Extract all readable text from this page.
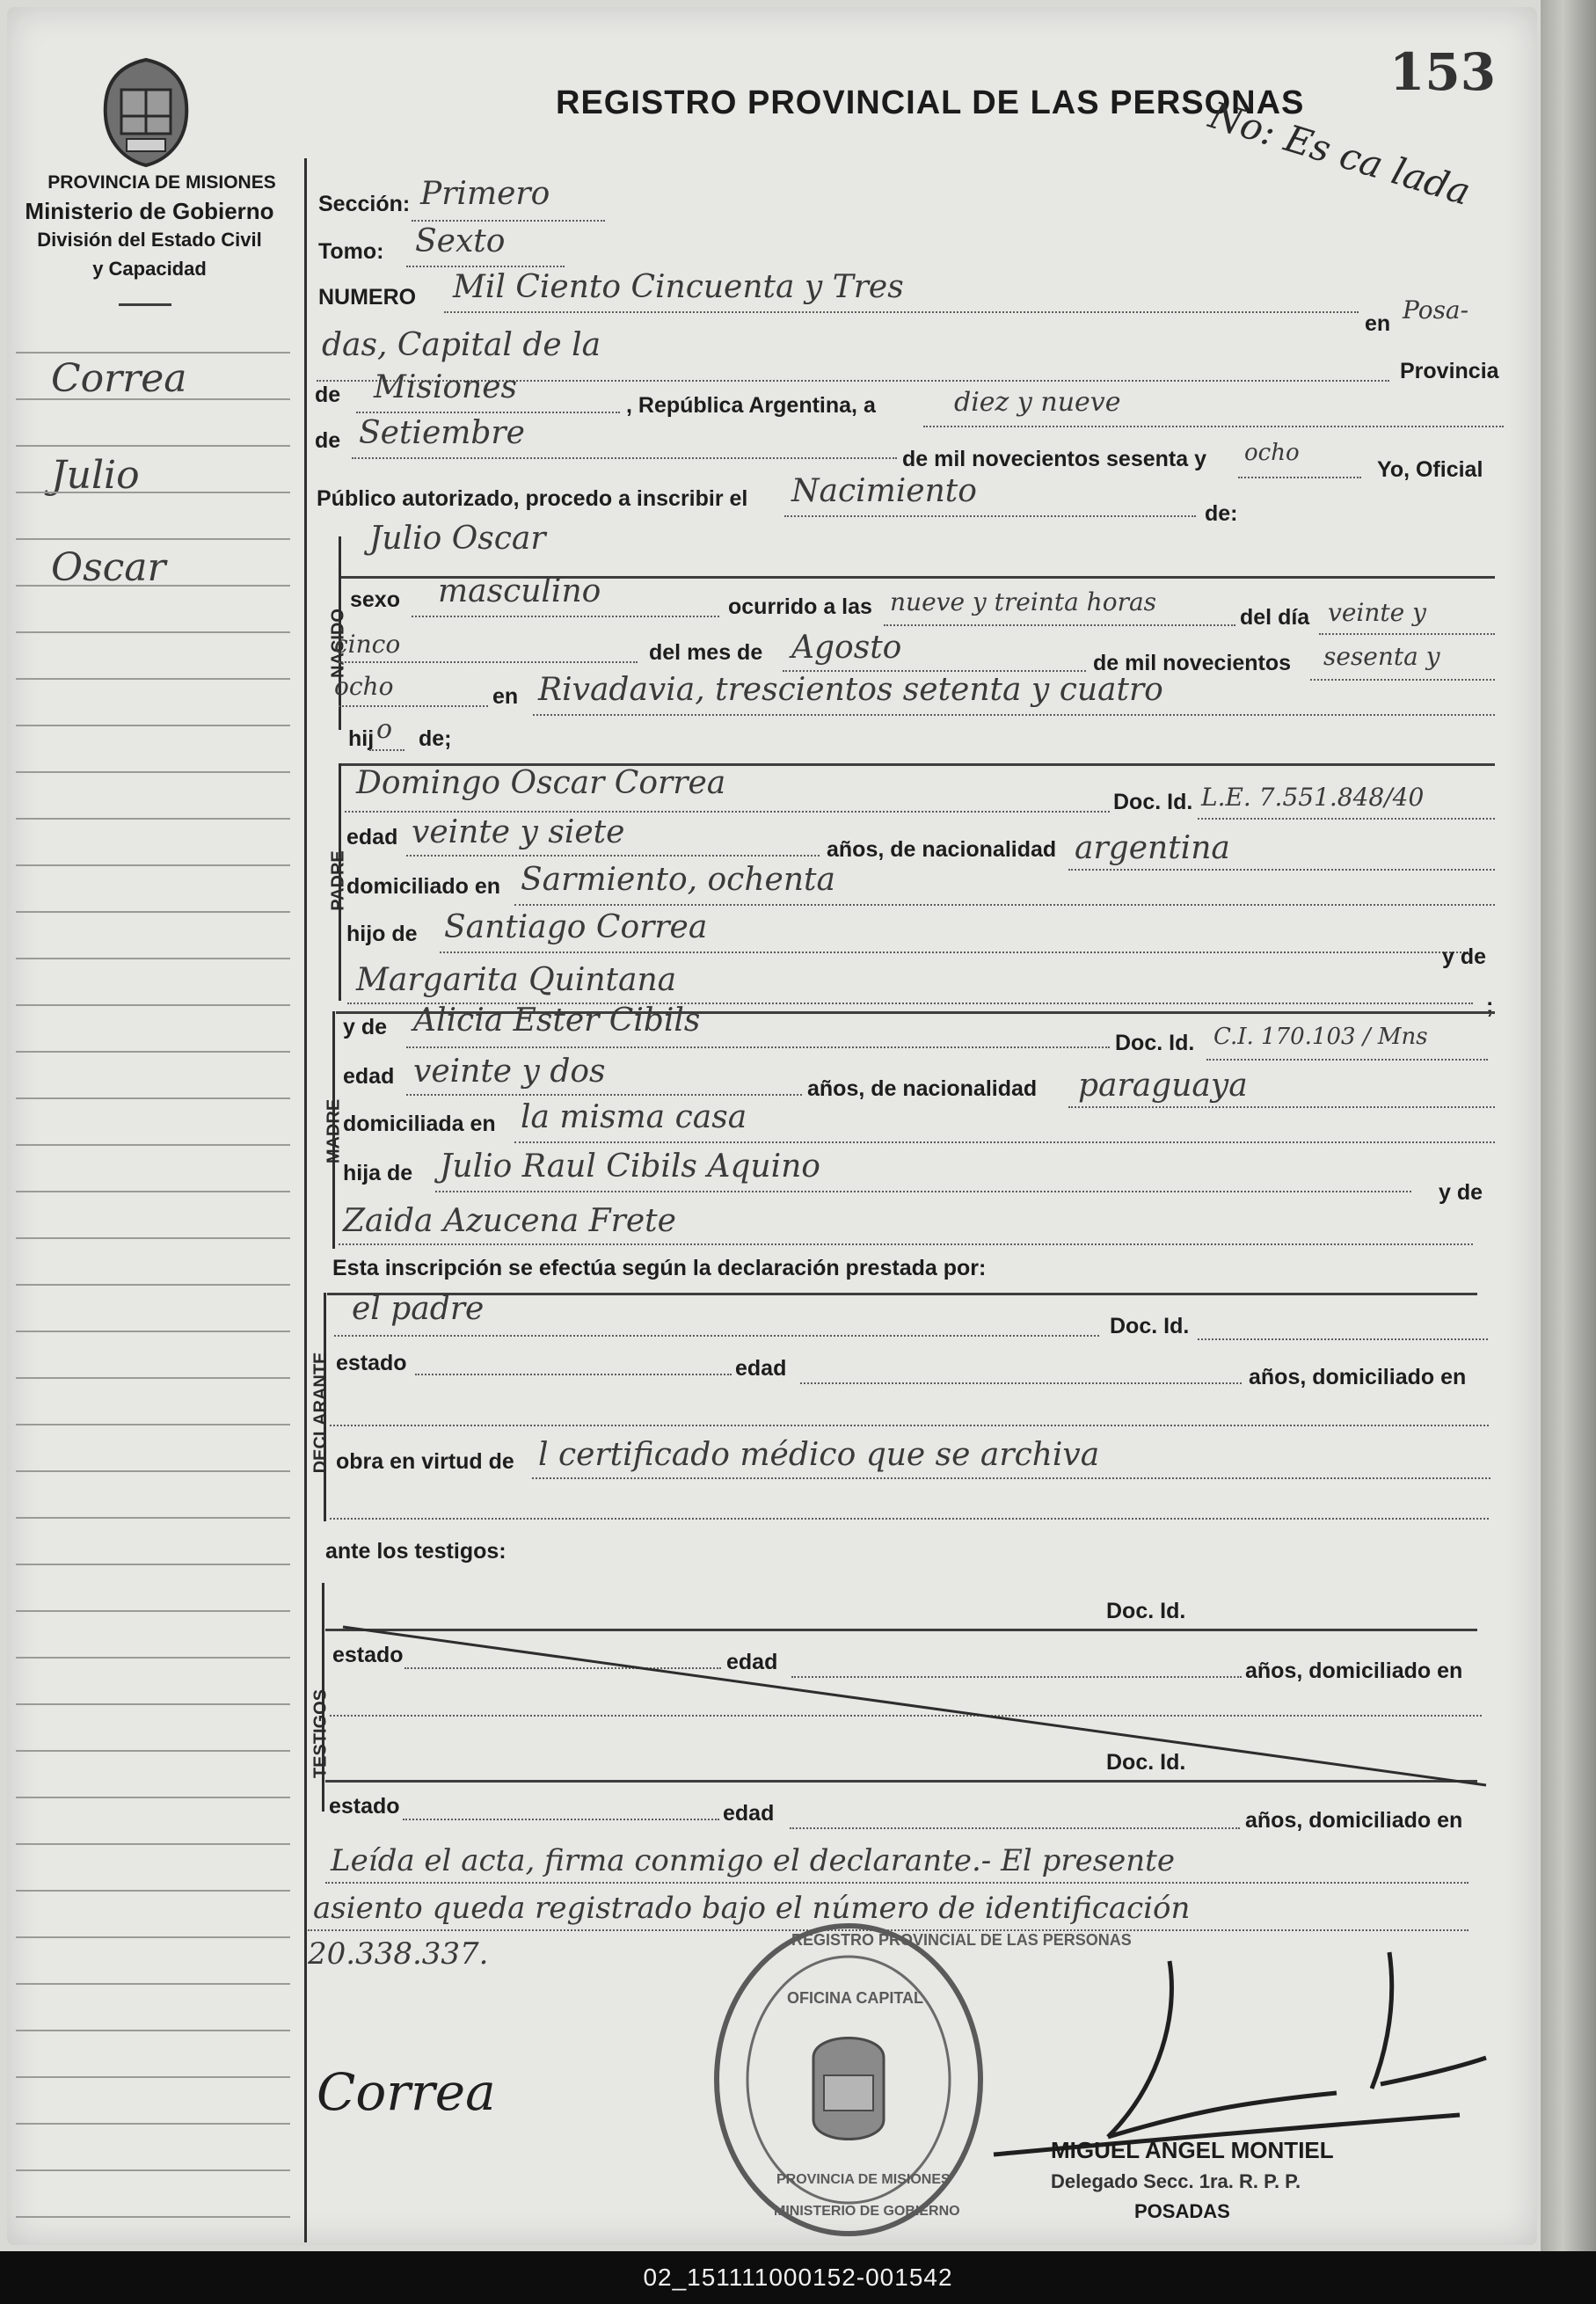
153
PROVINCIA DE MISIONES
Ministerio de Gobierno
División del Estado Civil
y Capacidad
REGISTRO PROVINCIAL DE LAS PERSONAS
No: Es ca lada
Correa
Julio
Oscar
Sección: Primero
Tomo: Sexto
NUMERO Mil Ciento Cincuenta y Tres
en Posa-
das, Capital de la
Provincia
de Misiones	, República Argentina, a	diez y nueve
de Setiembre
de mil novecientos sesenta y ocho
Yo, Oficial
Público autorizado, procedo a inscribir el Nacimiento
de:
NACIDO
Julio Oscar
sexo masculino	ocurrido a las nueve y treinta horas
del día veinte y
cinco	del mes de Agosto	de mil novecientos sesenta y
ocho	en Rivadavia, trescientos setenta y cuatro
hij o de;
PADRE
Domingo Oscar Correa
Doc. Id. L.E. 7.551.848/40
edad veinte y siete	años, de nacionalidad argentina
domiciliado en Sarmiento, ochenta
hijo de Santiago Correa
y de
Margarita Quintana
;
MADRE
y de Alicia Ester Cibils
Doc. Id. C.I. 170.103 / Mns
edad veinte y dos	años, de nacionalidad paraguaya
domiciliada en la misma casa
hija de Julio Raul Cibils Aquino
y de
Zaida Azucena Frete
Esta inscripción se efectúa según la declaración prestada por:
DECLARANTE
el padre	Doc. Id.
estado	edad	años, domiciliado en
obra en virtud de l certificado médico que se archiva
ante los testigos:
TESTIGOS
Doc. Id.
estado	edad	años, domiciliado en
Doc. Id.
estado	edad	años, domiciliado en
Leída el acta, firma conmigo el declarante.- El presente
asiento queda registrado bajo el número de identificación
20.338.337.
Correa
REGISTRO PROVINCIAL DE LAS PERSONAS
OFICINA CAPITAL
PROVINCIA DE MISIONES
MINISTERIO DE GOBIERNO
MIGUEL ANGEL MONTIEL
Delegado Secc. 1ra. R. P. P.
POSADAS
02_151111000152-001542
